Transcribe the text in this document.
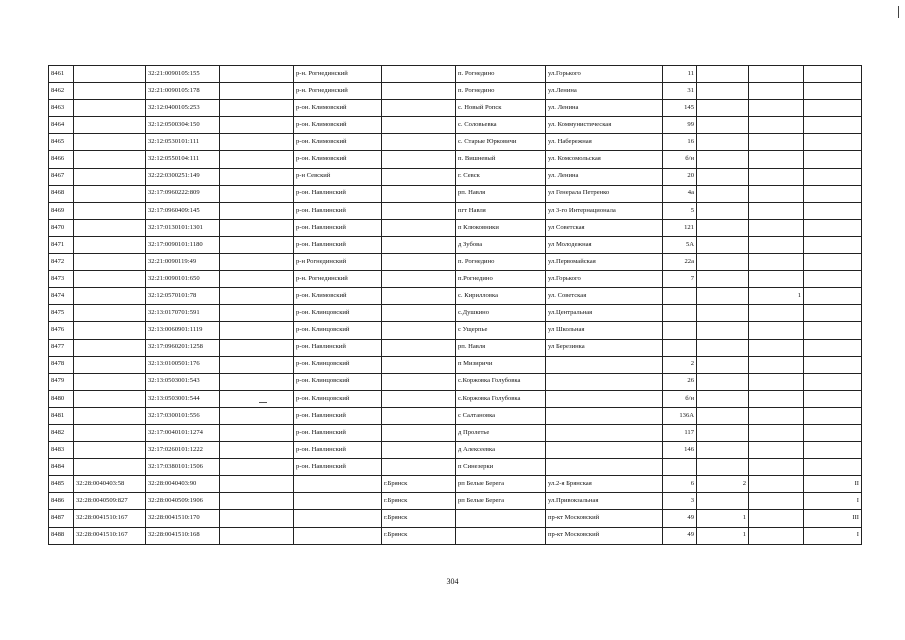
8461		32:21:0090105:155		р-н. Рогнединский		п. Рогнедино	ул.Горького	11			
8462		32:21:0090105:178		р-н. Рогнединский		п. Рогнедино	ул.Ленина	31			
8463		32:12:0400105:253		р-он. Климовский		с. Новый Ропск	ул. Ленина	145			
8464		32:12:0500304:150		р-он. Климовский		с. Соловьевка	ул. Коммунистическая	99			
8465		32:12:0530101:111		р-он. Климовский		с. Старые Юрковичи	ул. Набережная	16			
8466		32:12:0550104:111		р-он. Климовский		п. Вишневый	ул. Комсомольская	б/н			
8467		32:22:0300251:149		р-н Севский		г. Севск	ул. Ленина	20			
8468		32:17:0960222:809		р-он. Навлинский		рп. Навля	ул Генерала Петренко	4а			
8469		32:17:0960409:145		р-он. Навлинский		пгт Навля	ул 3-го Интернационала	5			
8470		32:17:0130101:1301		р-он. Навлинский		п Клюковники	ул Советская	121			
8471		32:17:0090101:1180		р-он. Навлинский		д Зубова	ул Молодежная	5А			
8472		32:21:0090119:49		р-н Рогнединский		п. Рогнедино	ул.Первомайская	22а			
8473		32:21:0090101:650		р-н. Рогнединский		п.Рогнедино	ул.Горького	7			
8474		32:12:0570101:78		р-он. Климовский		с. Кирилловка	ул. Советская			1	
8475		32:13:0170701:591		р-он. Клинцовский		с.Душкино	ул.Центральная				
8476		32:13:0060901:1119		р-он. Клинцовский		с Ущерпье	ул Школьная				
8477		32:17:0960201:1258		р-он. Навлинский		рп. Навля	ул Березинка				
8478		32:13:0100501:176		р-он. Клинцовский		п Мизиричи		2			
8479		32:13:0503001:543		р-он. Клинцовский		с.Коржовка Голубовка		26			
8480		32:13:0503001:544		р-он. Клинцовский		с.Коржовка Голубовка		б/н			
8481		32:17:0300101:556		р-он. Навлинский		с Салтановка		136А			
8482		32:17:0040101:1274		р-он. Навлинский		д Пролетье		117			
8483		32:17:0260101:1222		р-он. Навлинский		д Алексеевка		146			
8484		32:17:0380101:1506		р-он. Навлинский		п Синезерки					
8485	32:28:0040403:58	32:28:0040403:90			г.Брянск	рп Белые Берега	ул.2-я Брянская	6	2		II
8486	32:28:0040509:827	32:28:0040509:1906			г.Брянск	рп Белые Берега	ул.Привокзальная	3			I
8487	32:28:0041510:167	32:28:0041510:170			г.Брянск		пр-кт Московский	49	1		III
8488	32:28:0041510:167	32:28:0041510:168			г.Брянск		пр-кт Московский	49	1		I
304
